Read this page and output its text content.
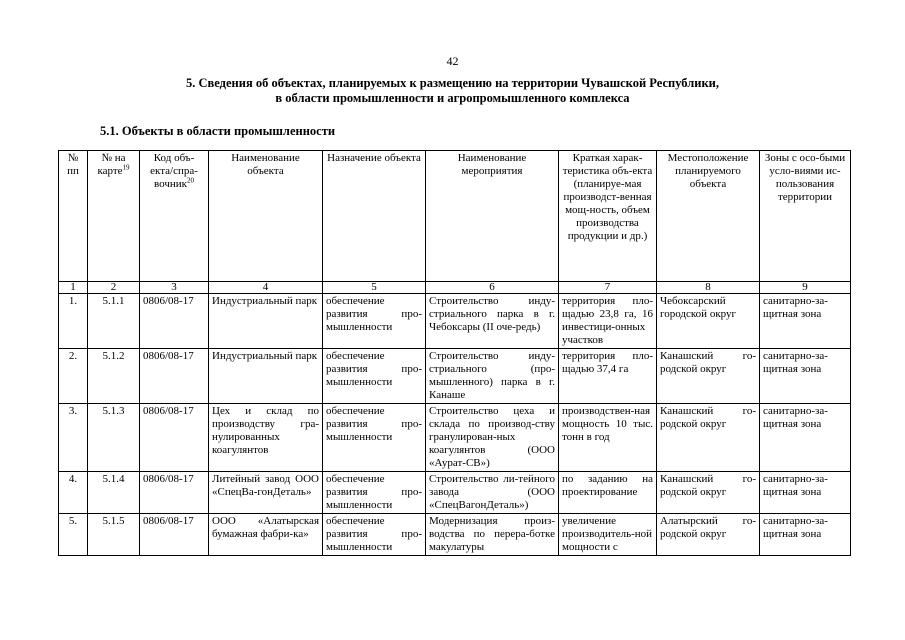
42
5. Сведения об объектах, планируемых к размещению на территории Чувашской Республики,
в области промышленности и агропромышленного комплекса
5.1. Объекты в области промышленности
№ пп	№ на карте$^{19}$	Код объ-екта/спра-вочник$^{20}$	Наименование объекта	Назначение объекта	Наименование мероприятия	Краткая харак-теристика объ-екта (планируе-мая производст-венная мощ-ность, объем производства продукции и др.)	Местоположение планируемого объекта	Зоны с осо-быми усло-виями ис-пользования территории
1	2	3	4	5	6	7	8	9
1.	5.1.1	0806/08-17	Индустриальный парк	обеспечение развития про-мышленности	Строительство инду-стриального парка в г. Чебоксары (II оче-редь)	территория пло-щадью 23,8 га, 16 инвестици-онных участков	Чебоксарский городской округ	санитарно-за-щитная зона
2.	5.1.2	0806/08-17	Индустриальный парк	обеспечение развития про-мышленности	Строительство инду-стриального (про-мышленного) парка в г. Канаше	территория пло-щадью 37,4 га	Канашский го-родской округ	санитарно-за-щитная зона
3.	5.1.3	0806/08-17	Цех и склад по производству гра-нулированных коагулянтов	обеспечение развития про-мышленности	Строительство цеха и склада по производ-ству гранулирован-ных коагулянтов (ООО «Аурат-СВ»)	производствен-ная мощность 10 тыс. тонн в год	Канашский го-родской округ	санитарно-за-щитная зона
4.	5.1.4	0806/08-17	Литейный завод ООО «СпецВа-гонДеталь»	обеспечение развития про-мышленности	Строительство ли-тейного завода (ООО «СпецВагонДеталь»)	по заданию на проектирование	Канашский го-родской округ	санитарно-за-щитная зона
5.	5.1.5	0806/08-17	ООО «Алатырская бумажная фабри-ка»	обеспечение развития про-мышленности	Модернизация произ-водства по перера-ботке макулатуры	увеличение производитель-ной мощности с	Алатырский го-родской округ	санитарно-за-щитная зона
